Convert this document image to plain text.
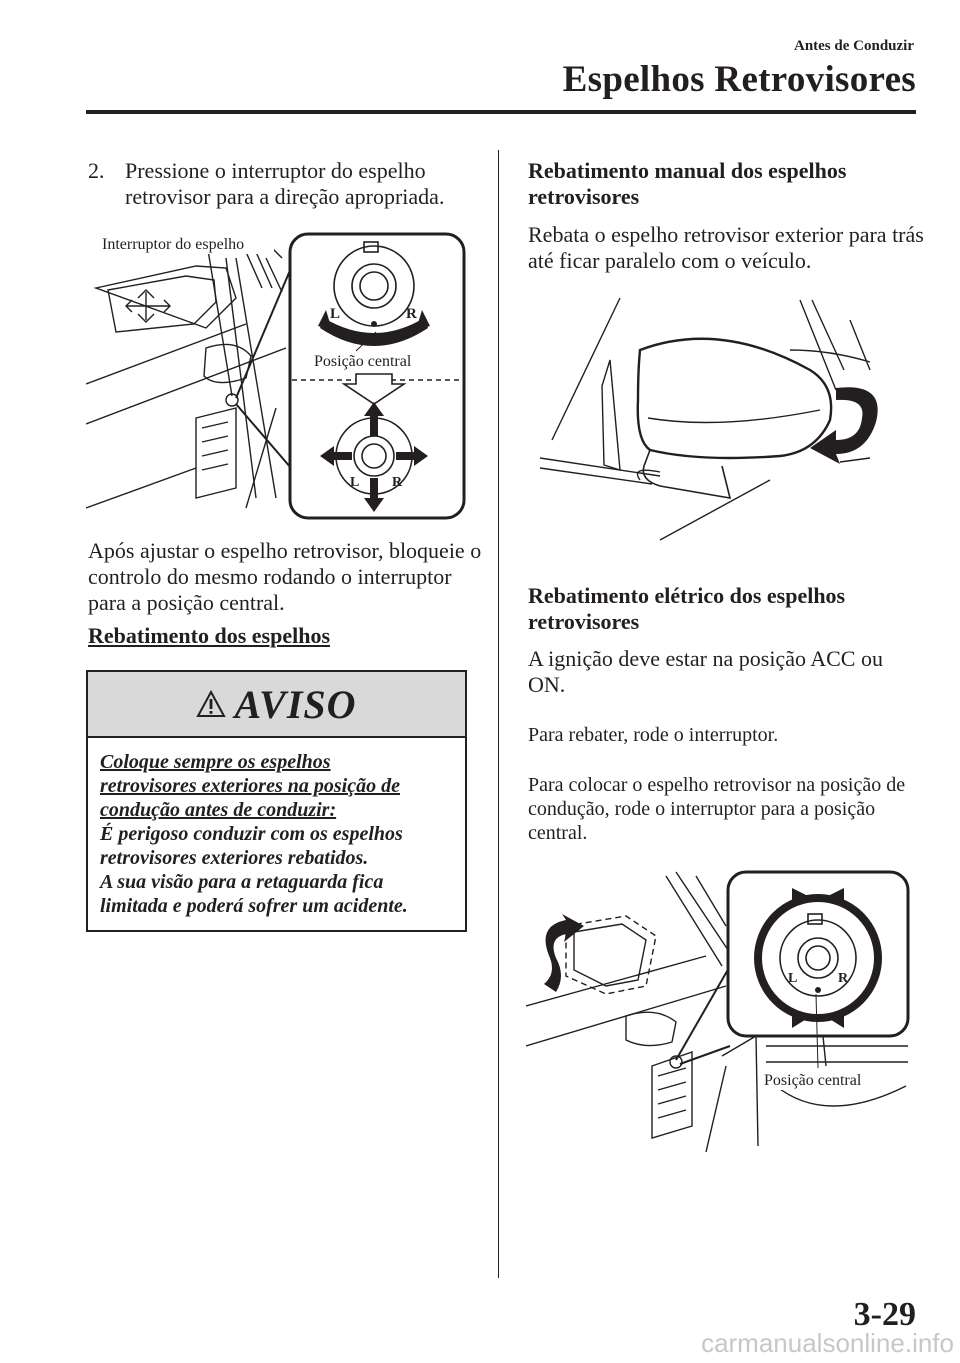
Antes de Conduzir
Espelhos Retrovisores
2. Pressione o interruptor do espelho retrovisor para a direção apropriada.
L	R
L R
Interruptor do espelho
Posição central
Após ajustar o espelho retrovisor, bloqueie o controlo do mesmo rodando o interruptor para a posição central.
Rebatimento dos espelhos
AVISO
Coloque sempre os espelhos
retrovisores exteriores na posição de
condução antes de conduzir:
É perigoso conduzir com os espelhos
retrovisores exteriores rebatidos.
A sua visão para a retaguarda fica
limitada e poderá sofrer um acidente.
Rebatimento manual dos espelhos retrovisores
Rebata o espelho retrovisor exterior para trás até ficar paralelo com o veículo.
Rebatimento elétrico dos espelhos retrovisores
A ignição deve estar na posição ACC ou ON.
Para rebater, rode o interruptor.
Para colocar o espelho retrovisor na posição de condução, rode o interruptor para a posição central.
L	R
Posição central
3-29
carmanualsonline.info
